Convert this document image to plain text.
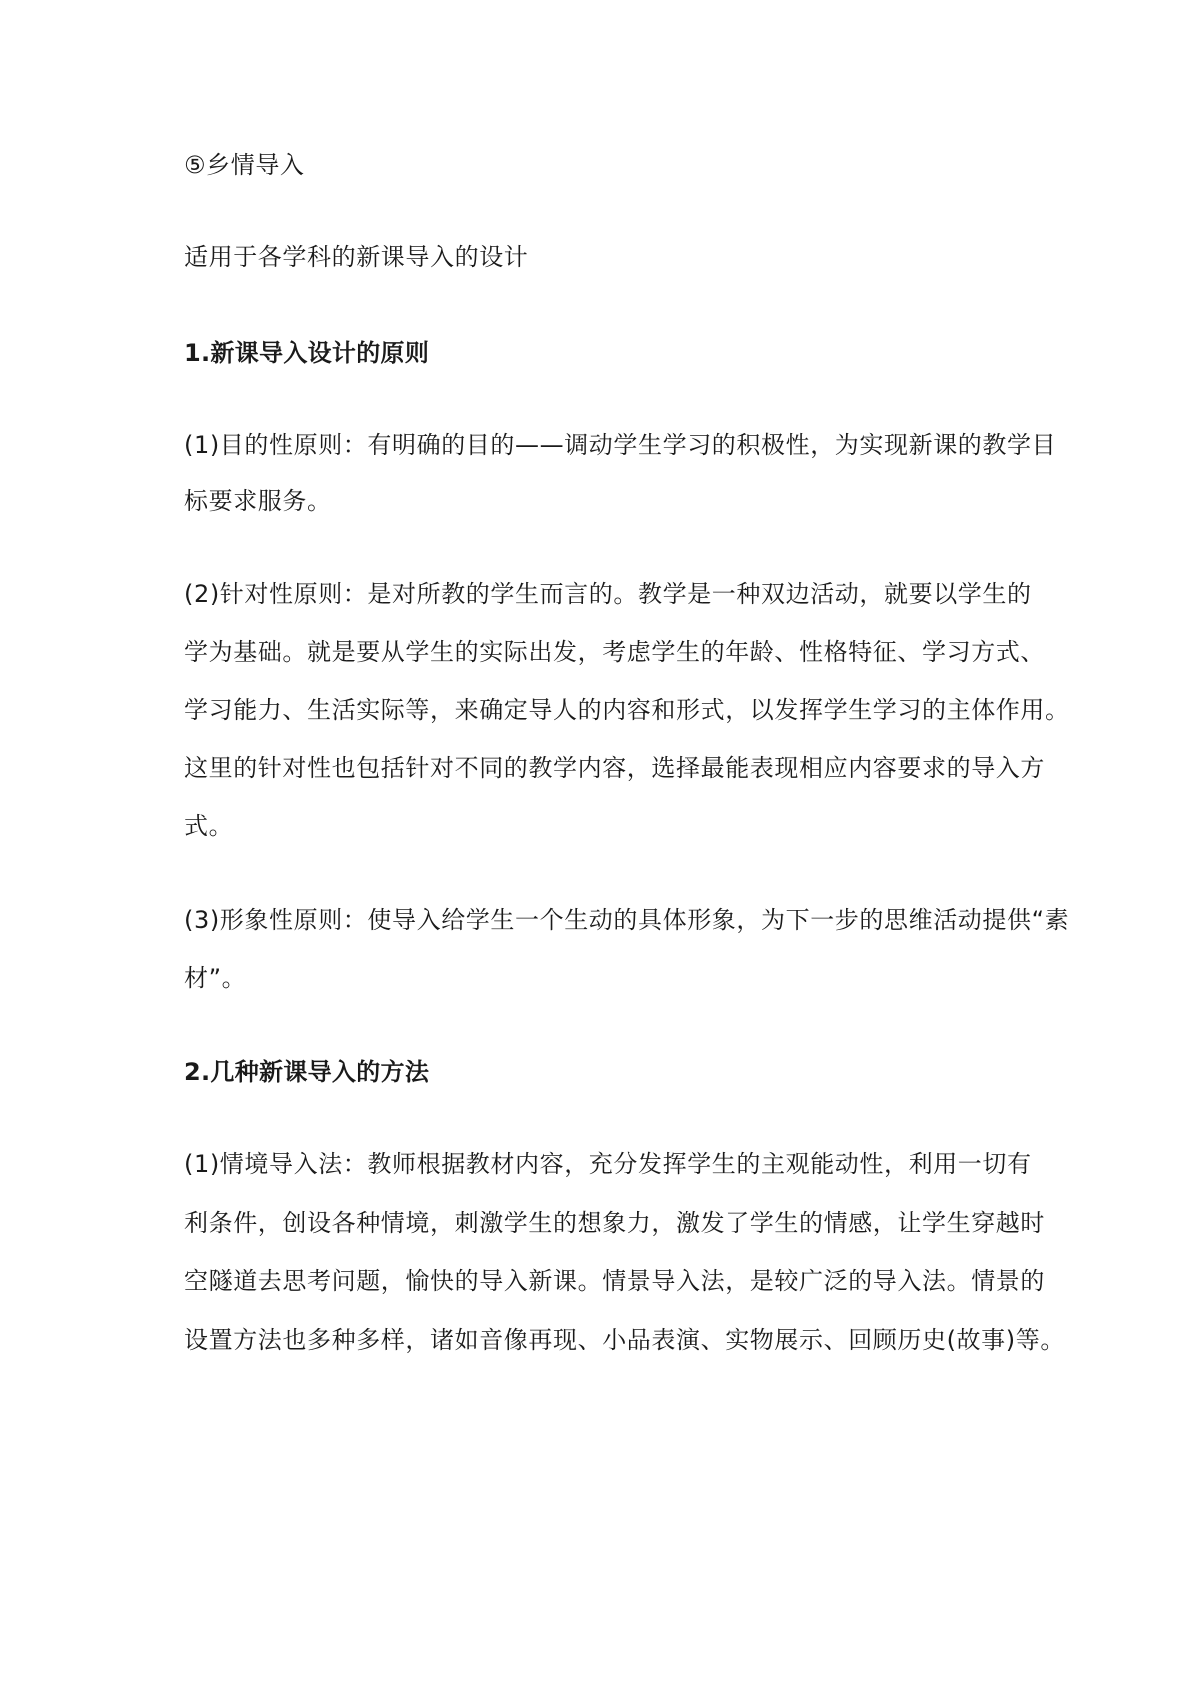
⑤乡情导入
适用于各学科的新课导入的设计
1.新课导入设计的原则
(1)目的性原则：有明确的目的——调动学生学习的积极性，为实现新课的教学目
标要求服务。
(2)针对性原则：是对所教的学生而言的。教学是一种双边活动，就要以学生的
学为基础。就是要从学生的实际出发，考虑学生的年龄、性格特征、学习方式、
学习能力、生活实际等，来确定导人的内容和形式，以发挥学生学习的主体作用。
这里的针对性也包括针对不同的教学内容，选择最能表现相应内容要求的导入方
式。
(3)形象性原则：使导入给学生一个生动的具体形象，为下一步的思维活动提供“素
材”。
2.几种新课导入的方法
(1)情境导入法：教师根据教材内容，充分发挥学生的主观能动性，利用一切有
利条件，创设各种情境，刺激学生的想象力，激发了学生的情感，让学生穿越时
空隧道去思考问题，愉快的导入新课。情景导入法，是较广泛的导入法。情景的
设置方法也多种多样，诸如音像再现、小品表演、实物展示、回顾历史(故事)等。
